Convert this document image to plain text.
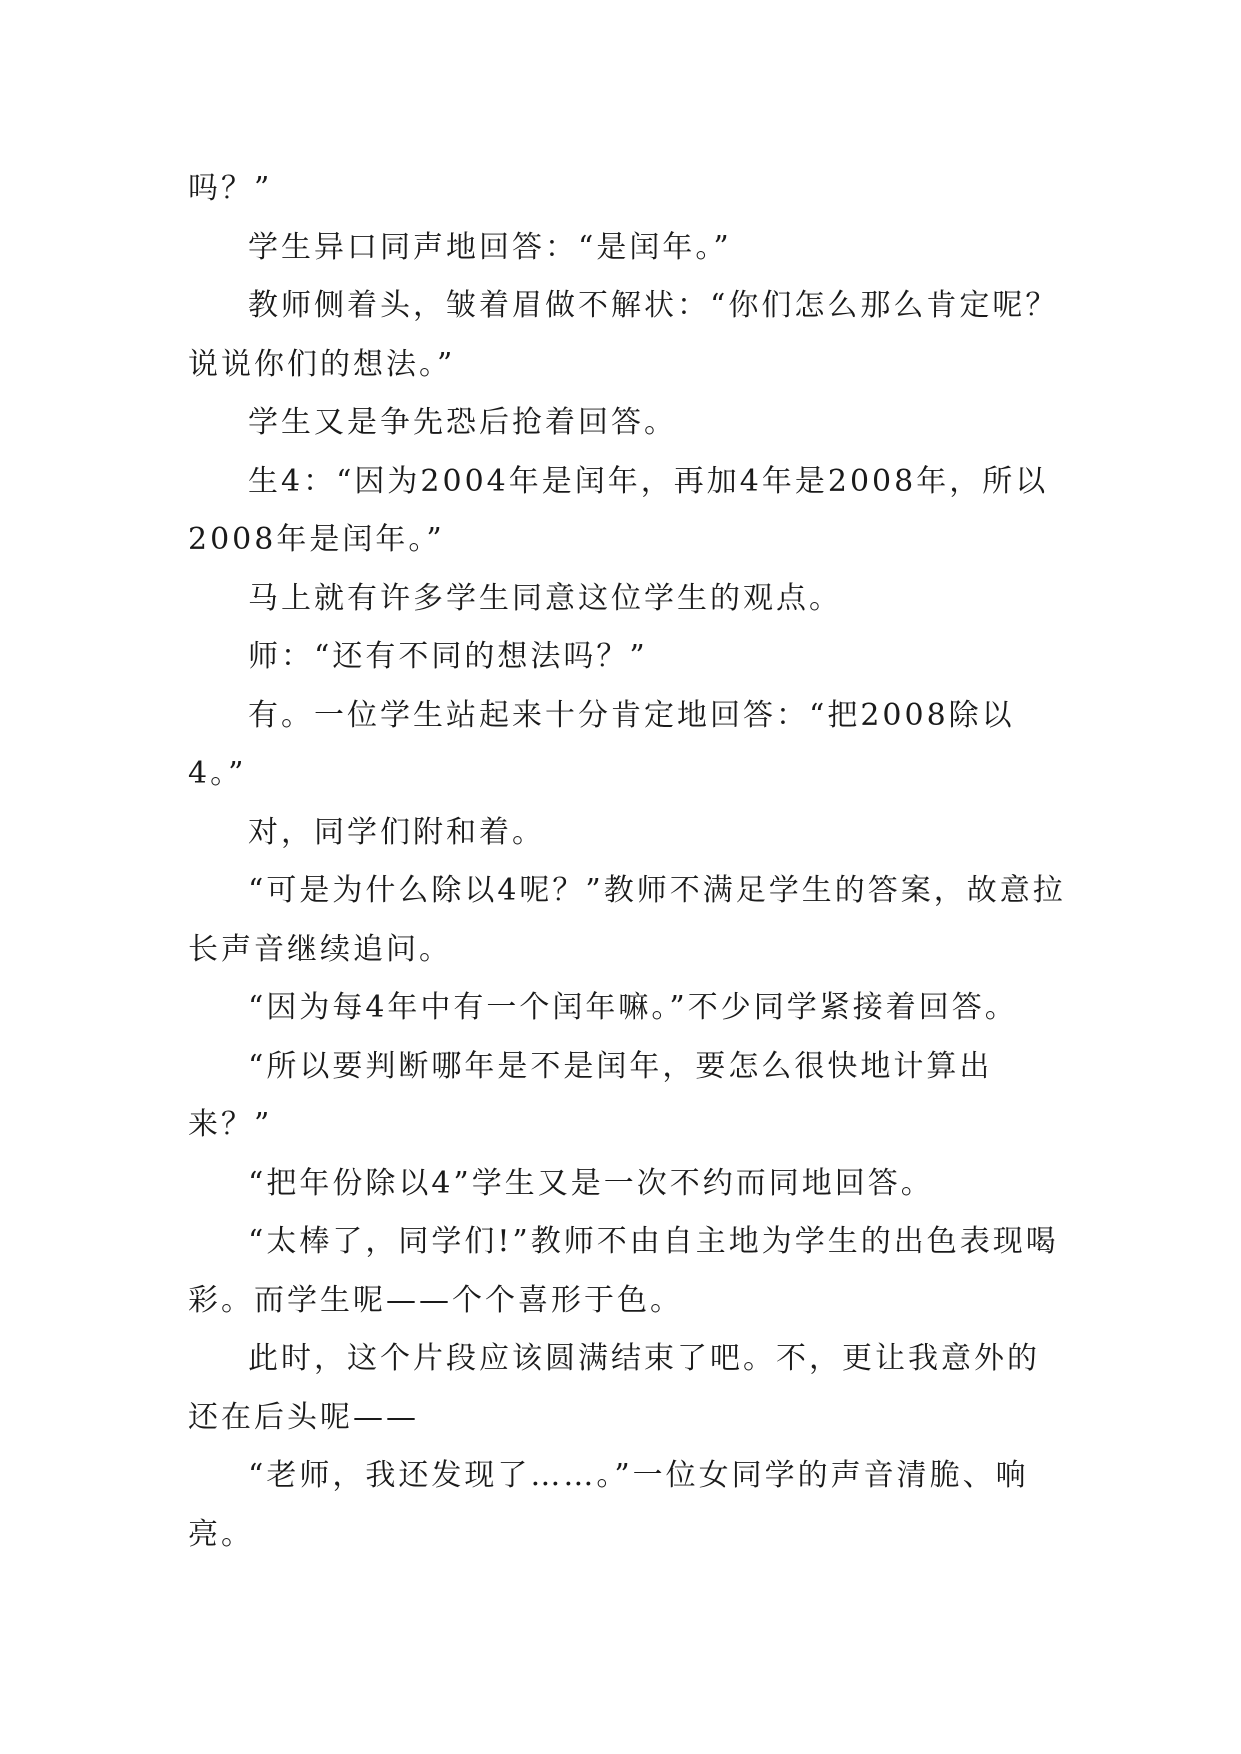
吗？”

学生异口同声地回答：“是闰年。”

教师侧着头，皱着眉做不解状：“你们怎么那么肯定呢？说说你们的想法。”

学生又是争先恐后抢着回答。

生4：“因为2004年是闰年，再加4年是2008年，所以2008年是闰年。”

马上就有许多学生同意这位学生的观点。

师：“还有不同的想法吗？”

有。一位学生站起来十分肯定地回答：“把2008除以4。”

对，同学们附和着。

“可是为什么除以4呢？”教师不满足学生的答案，故意拉长声音继续追问。

“因为每4年中有一个闰年嘛。”不少同学紧接着回答。

“所以要判断哪年是不是闰年，要怎么很快地计算出来？”

“把年份除以4”学生又是一次不约而同地回答。

“太棒了，同学们!”教师不由自主地为学生的出色表现喝彩。而学生呢——个个喜形于色。

此时，这个片段应该圆满结束了吧。不，更让我意外的还在后头呢——

“老师，我还发现了……。”一位女同学的声音清脆、响亮。
